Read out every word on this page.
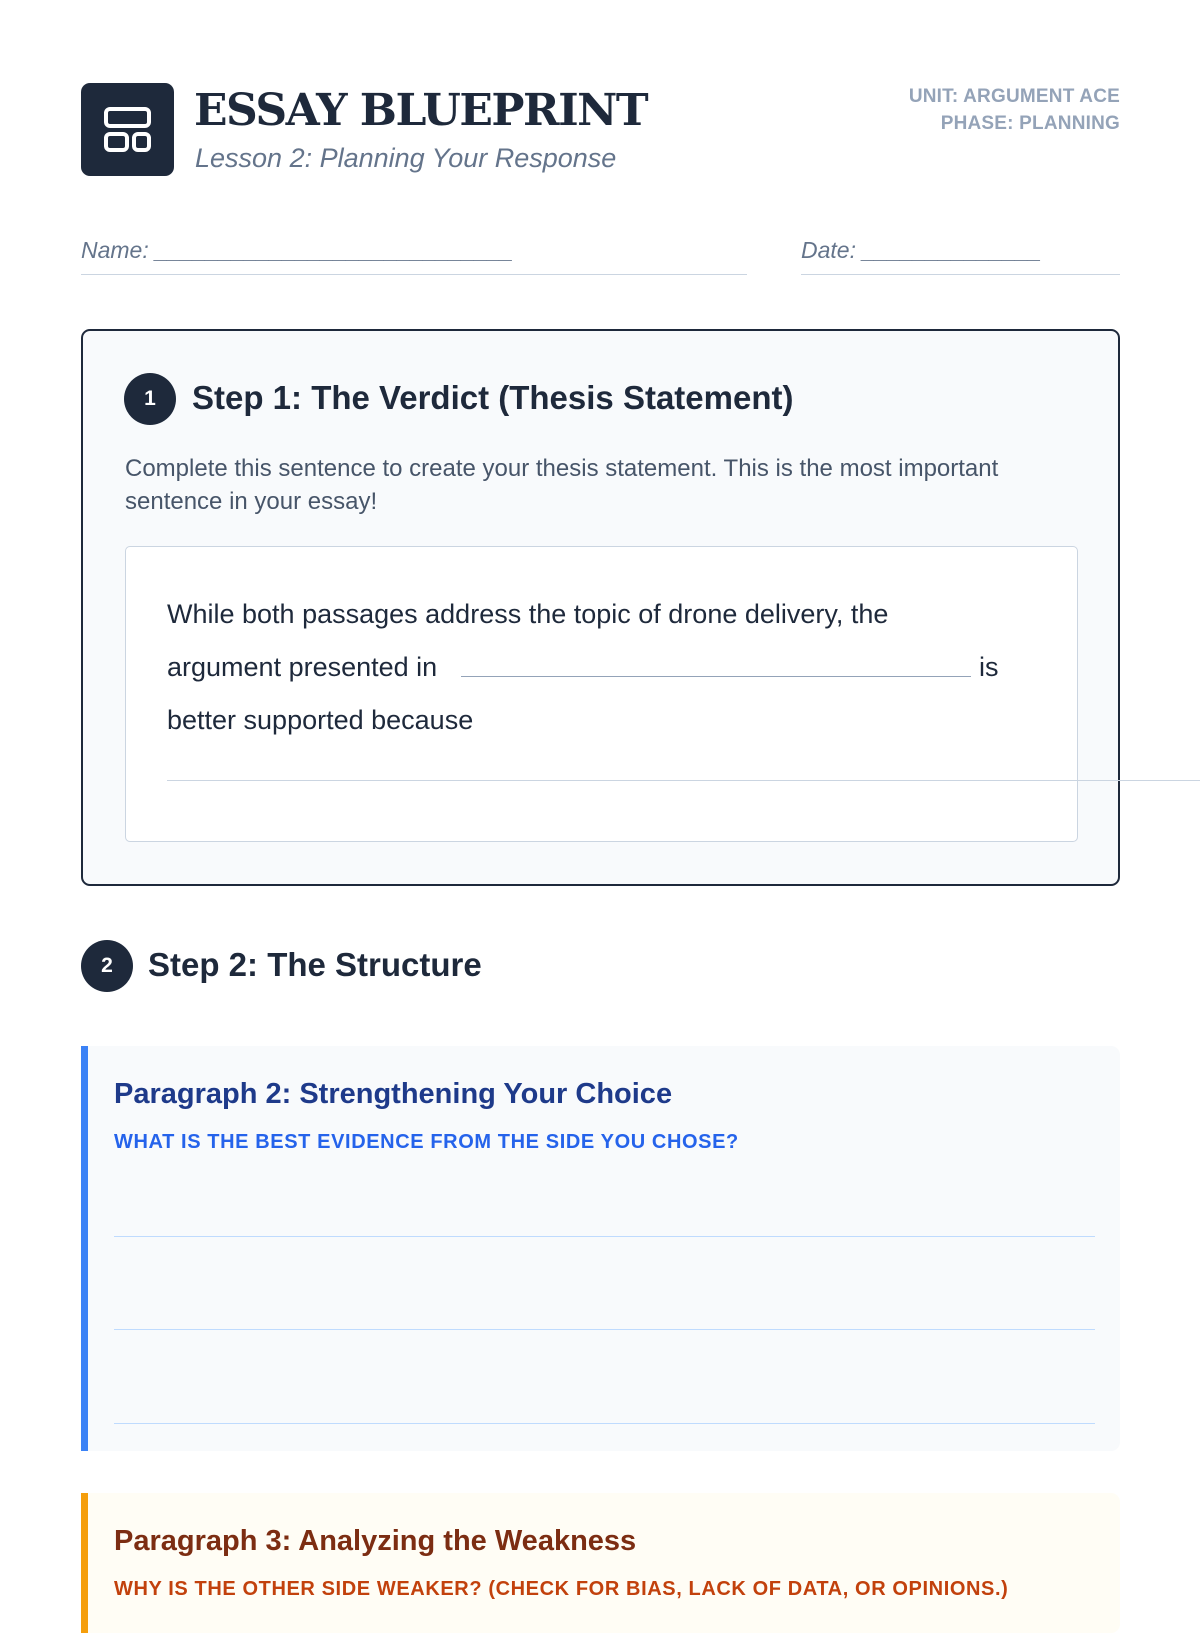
ESSAY BLUEPRINT
Lesson 2: Planning Your Response
UNIT: ARGUMENT ACE
PHASE: PLANNING
Name: ____________________________	Date: ______________
1	Step 1: The Verdict (Thesis Statement)

Complete this sentence to create your thesis statement. This is the most important sentence in your essay!

While both passages address the topic of drone delivery, the
argument presented in	is
better supported because
2	Step 2: The Structure
Paragraph 2: Strengthening Your Choice
WHAT IS THE BEST EVIDENCE FROM THE SIDE YOU CHOSE?
Paragraph 3: Analyzing the Weakness
WHY IS THE OTHER SIDE WEAKER? (CHECK FOR BIAS, LACK OF DATA, OR OPINIONS.)
